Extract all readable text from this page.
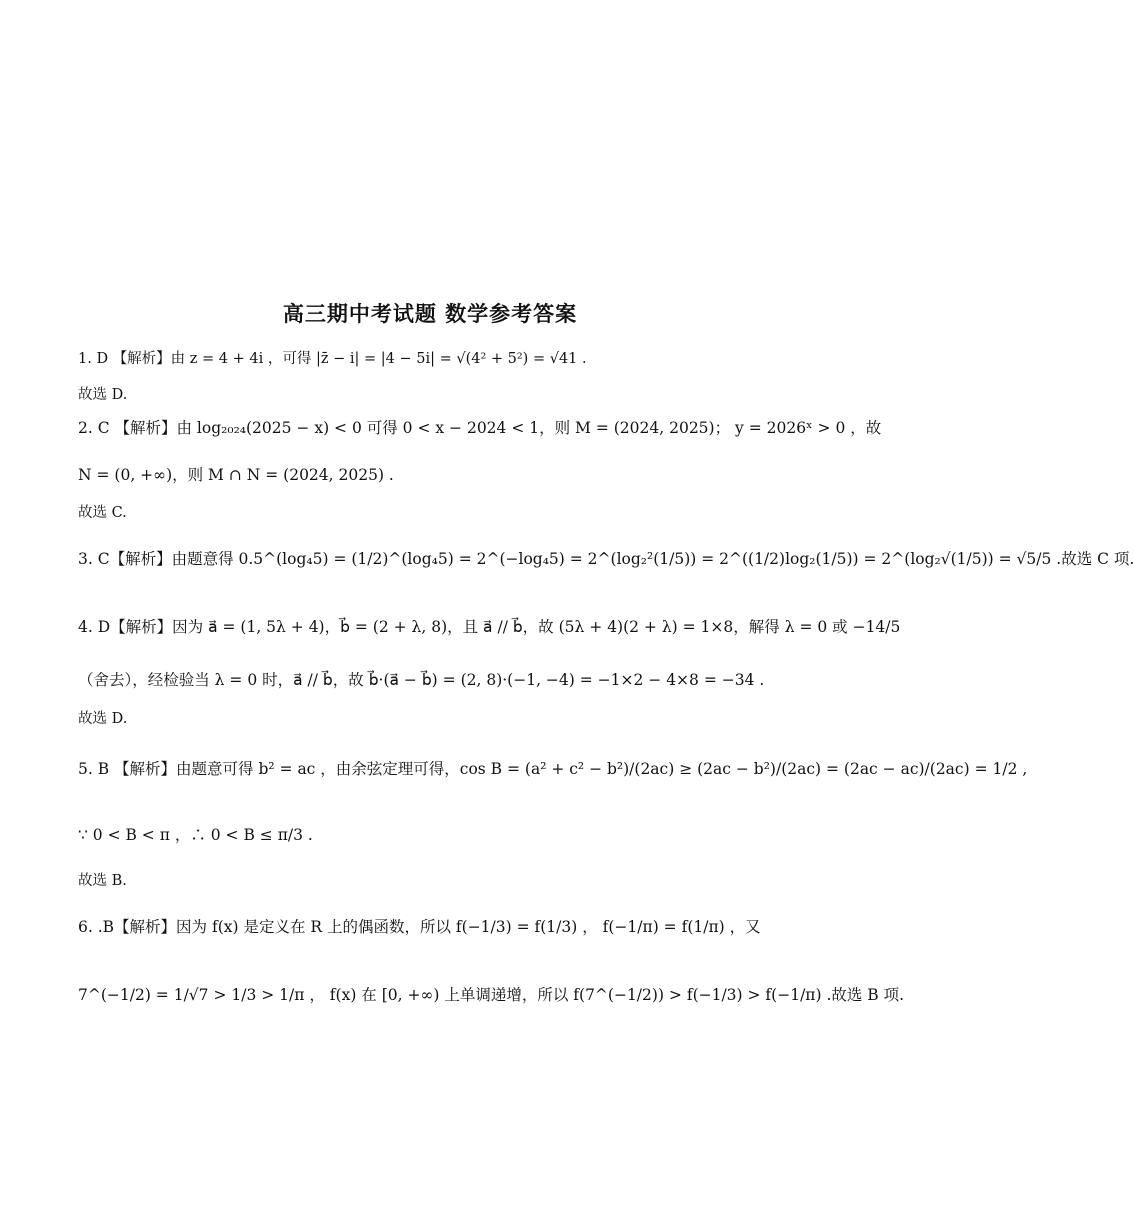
高三期中考试题 数学参考答案
1. D 【解析】由 z = 4 + 4i ，可得 |z̄ − i| = |4 − 5i| = √(4² + 5²) = √41 .
故选 D.
2. C 【解析】由 log₂₀₂₄(2025 − x) < 0 可得 0 < x − 2024 < 1，则 M = (2024, 2025)； y = 2026ˣ > 0 ，故
N = (0, +∞)，则 M ∩ N = (2024, 2025) .
故选 C.
3. C【解析】由题意得 0.5^(log₄5) = (1/2)^(log₄5) = 2^(−log₄5) = 2^(log₂²(1/5)) = 2^((1/2)log₂(1/5)) = 2^(log₂√(1/5)) = √5/5 .故选 C 项.
4. D【解析】因为 a⃗ = (1, 5λ + 4)，b⃗ = (2 + λ, 8)，且 a⃗ // b⃗，故 (5λ + 4)(2 + λ) = 1×8，解得 λ = 0 或 −14/5
（舍去），经检验当 λ = 0 时，a⃗ // b⃗，故 b⃗·(a⃗ − b⃗) = (2, 8)·(−1, −4) = −1×2 − 4×8 = −34 .
故选 D.
5. B 【解析】由题意可得 b² = ac ，由余弦定理可得，cos B = (a² + c² − b²)/(2ac) ≥ (2ac − b²)/(2ac) = (2ac − ac)/(2ac) = 1/2 ,
∵ 0 < B < π ，∴ 0 < B ≤ π/3 .
故选 B.
6. .B【解析】因为 f(x) 是定义在 R 上的偶函数，所以 f(−1/3) = f(1/3) ， f(−1/π) = f(1/π) ，又
7^(−1/2) = 1/√7 > 1/3 > 1/π ， f(x) 在 [0, +∞) 上单调递增，所以 f(7^(−1/2)) > f(−1/3) > f(−1/π) .故选 B 项.
